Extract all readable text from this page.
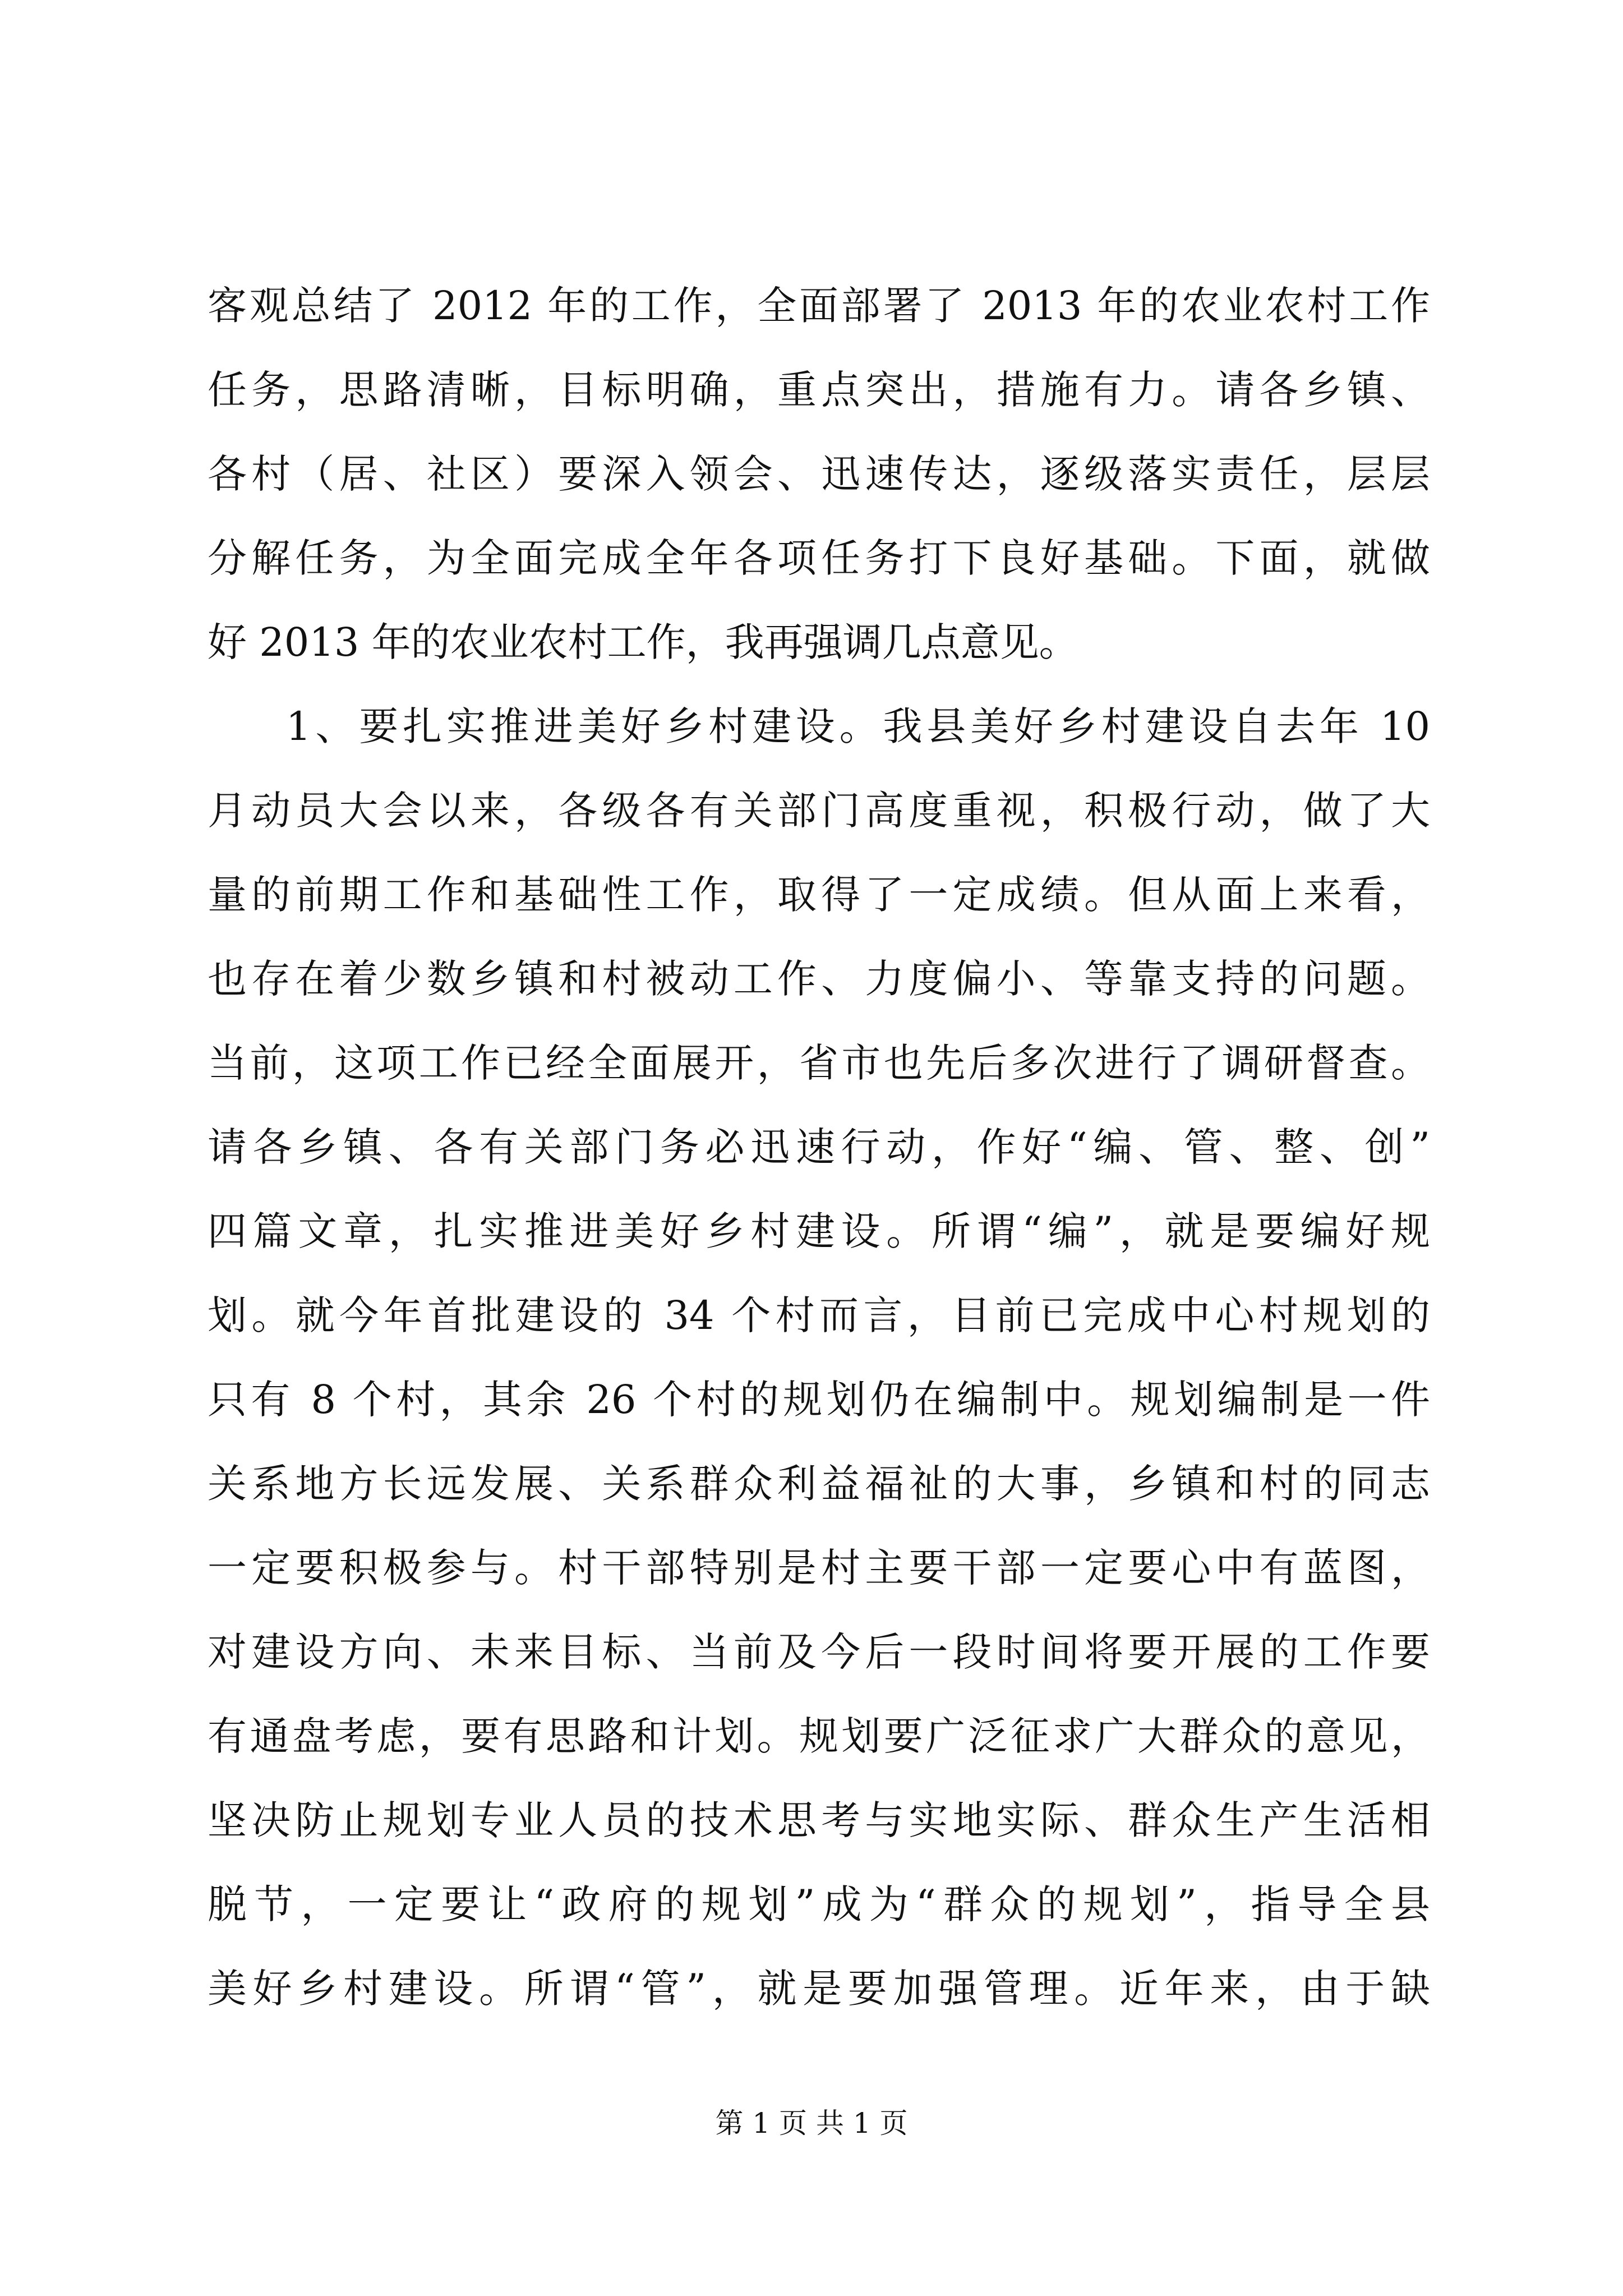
客观总结了 2012 年的工作，全面部署了 2013 年的农业农村工作
任务，思路清晰，目标明确，重点突出，措施有力。请各乡镇、
各村（居、社区）要深入领会、迅速传达，逐级落实责任，层层
分解任务，为全面完成全年各项任务打下良好基础。下面，就做
好 2013 年的农业农村工作，我再强调几点意见。
1、要扎实推进美好乡村建设。我县美好乡村建设自去年 10
月动员大会以来，各级各有关部门高度重视，积极行动，做了大
量的前期工作和基础性工作，取得了一定成绩。但从面上来看，
也存在着少数乡镇和村被动工作、力度偏小、等靠支持的问题。
当前，这项工作已经全面展开，省市也先后多次进行了调研督查。
请各乡镇、各有关部门务必迅速行动，作好“编、管、整、创”
四篇文章，扎实推进美好乡村建设。所谓“编”，就是要编好规
划。就今年首批建设的 34 个村而言，目前已完成中心村规划的
只有 8 个村，其余 26 个村的规划仍在编制中。规划编制是一件
关系地方长远发展、关系群众利益福祉的大事，乡镇和村的同志
一定要积极参与。村干部特别是村主要干部一定要心中有蓝图，
对建设方向、未来目标、当前及今后一段时间将要开展的工作要
有通盘考虑，要有思路和计划。规划要广泛征求广大群众的意见，
坚决防止规划专业人员的技术思考与实地实际、群众生产生活相
脱节，一定要让“政府的规划”成为“群众的规划”，指导全县
美好乡村建设。所谓“管”，就是要加强管理。近年来，由于缺
第 1 页 共 1 页
